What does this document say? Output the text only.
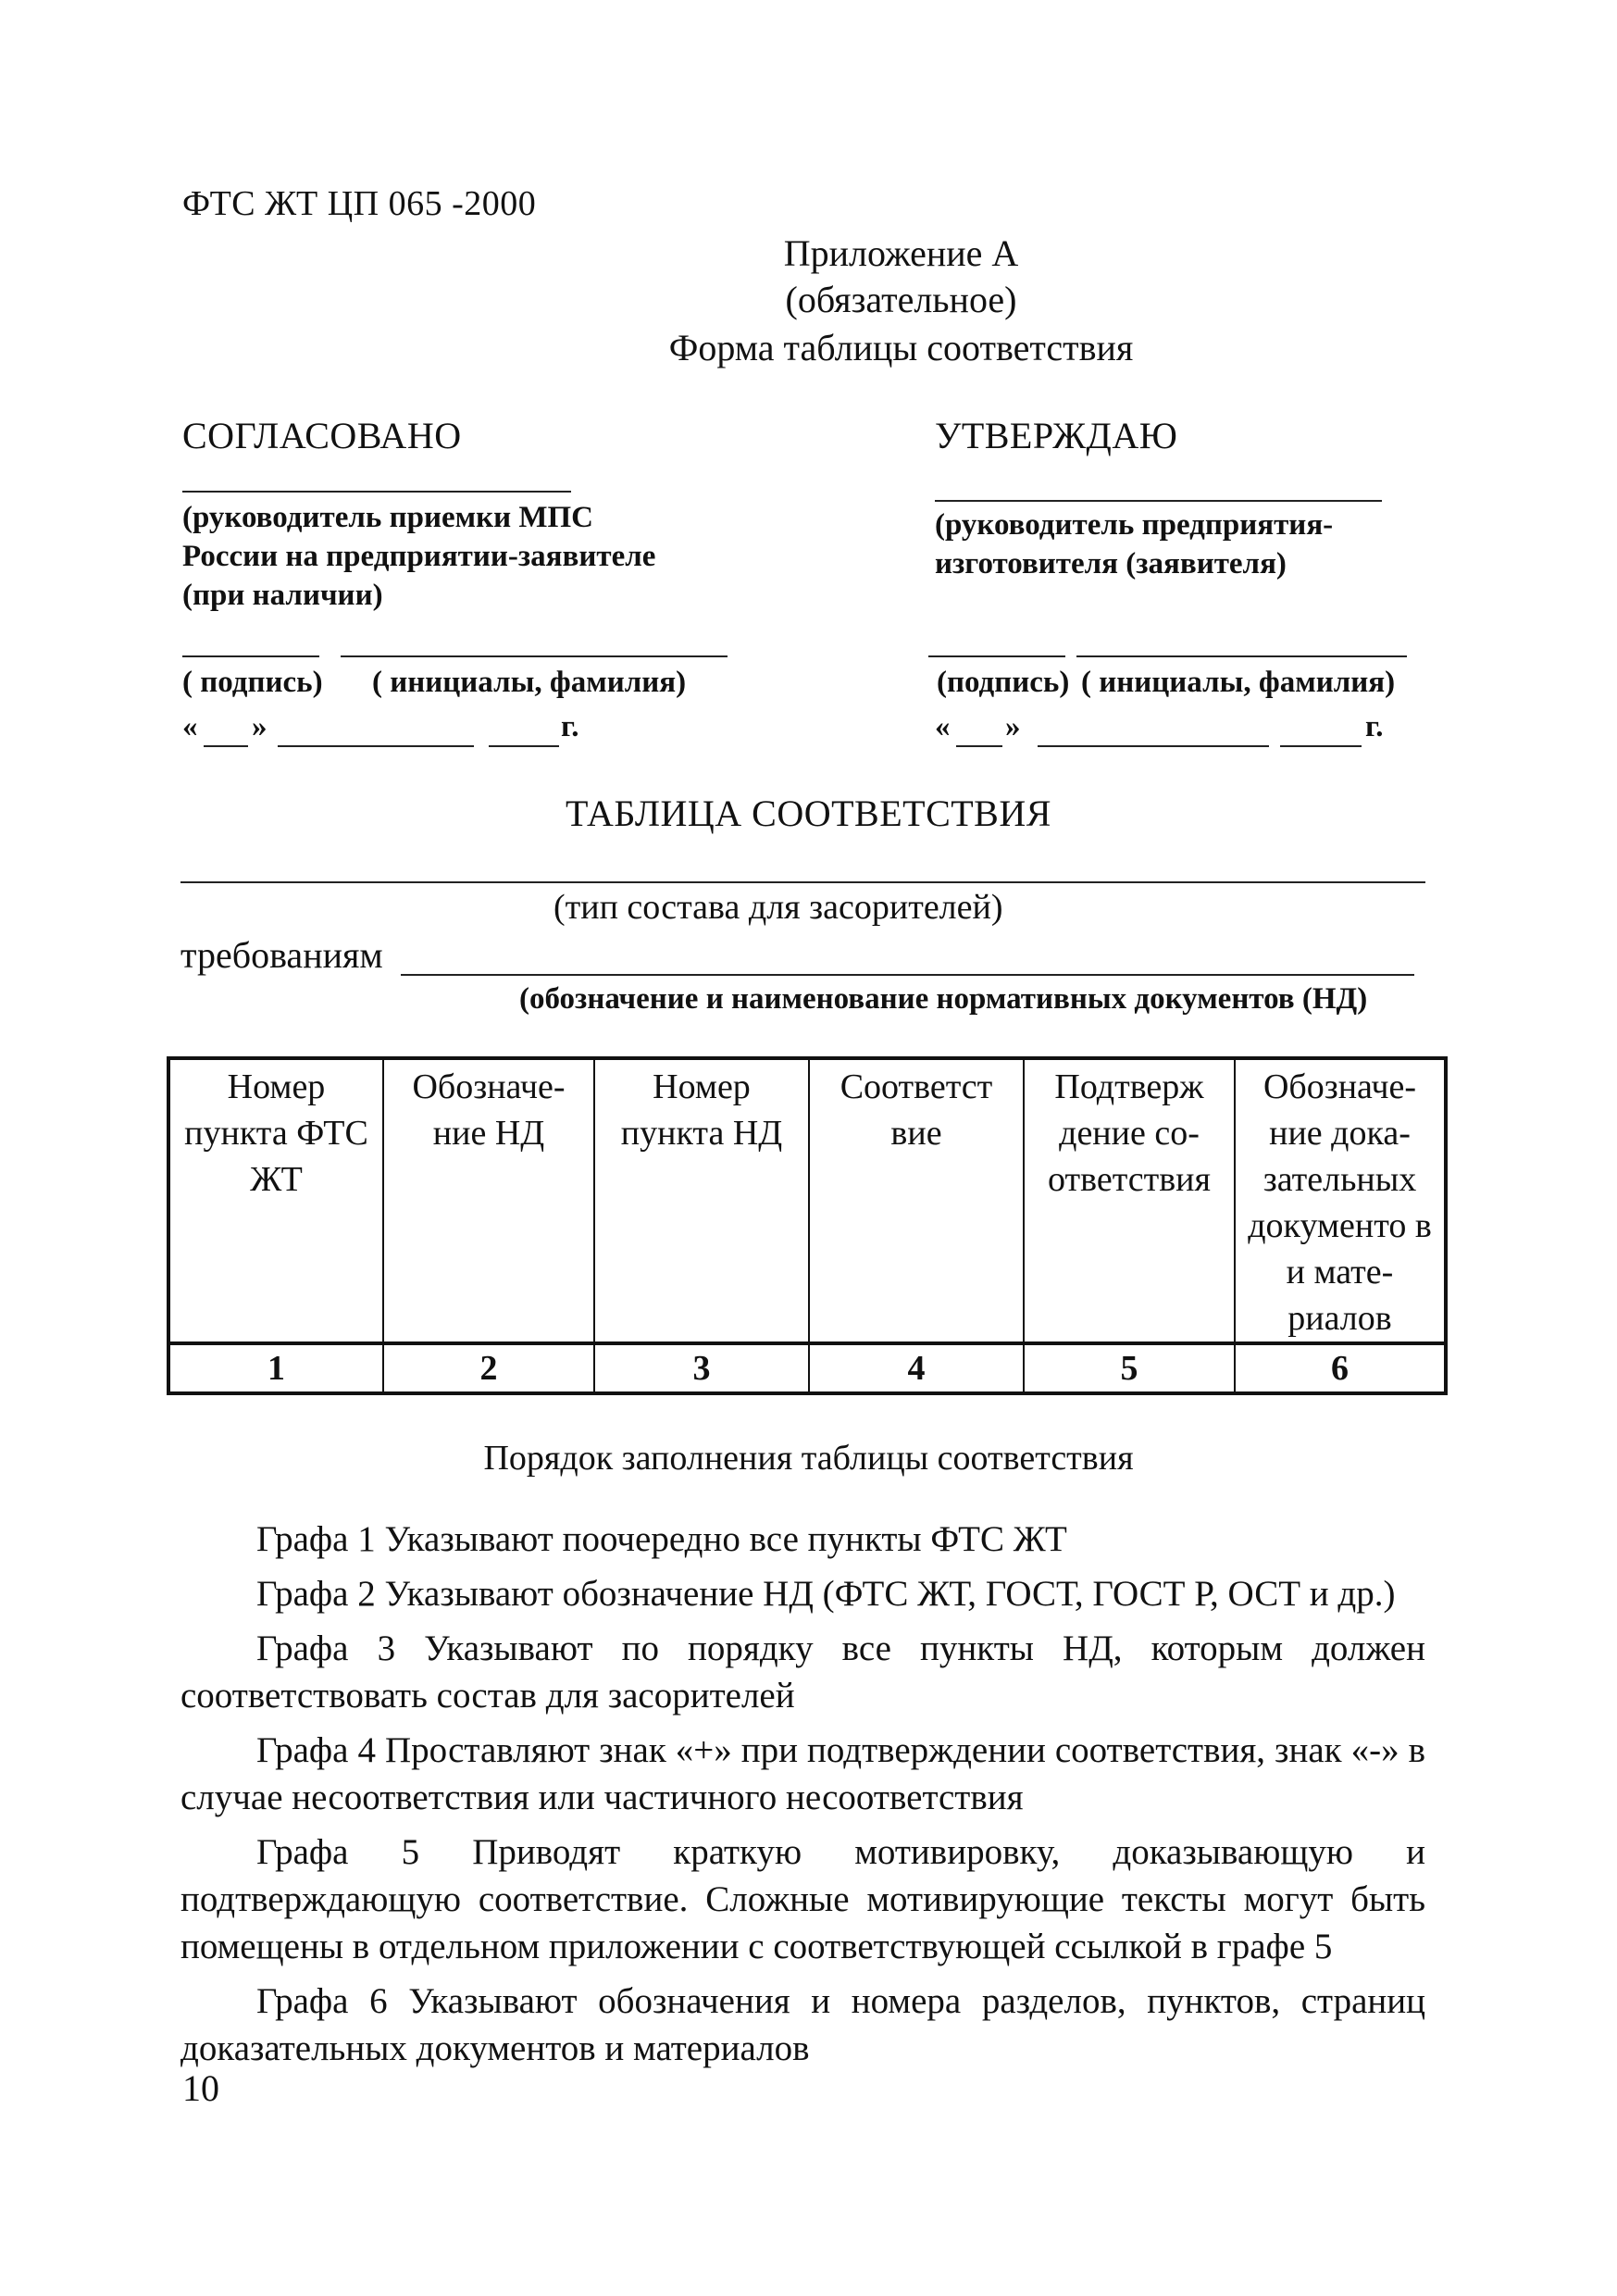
ФТС ЖТ ЦП 065 -2000
Приложение А
(обязательное)
Форма таблицы соответствия
СОГЛАСОВАНО
(руководитель приемки МПС
России на предприятии-заявителе
(при наличии)
( подпись) ( инициалы, фамилия)
« »	г.
УТВЕРЖДАЮ
(руководитель предприятия-
изготовителя (заявителя)
(подпись) ( инициалы, фамилия)
« »	г.
ТАБЛИЦА СООТВЕТСТВИЯ
(тип состава для засорителей)
требованиям
(обозначение и наименование нормативных документов (НД)
Номер пункта ФТС ЖТ	Обозначе-ние НД	Номер пункта НД	Соответст вие	Подтверж дение со-ответствия	Обозначе-ние дока-зательных документо в и мате-риалов
1	2	3	4	5	6
Порядок заполнения таблицы соответствия

Графа 1 Указывают поочередно все пункты ФТС ЖТ

Графа 2 Указывают обозначение НД (ФТС ЖТ, ГОСТ, ГОСТ Р, ОСТ и др.)

Графа 3 Указывают по порядку все пункты НД, которым должен соответствовать состав для засорителей

Графа 4 Проставляют знак «+» при подтверждении соответствия, знак «-» в случае несоответствия или частичного несоответствия

Графа 5 Приводят краткую мотивировку, доказывающую и подтверждающую соответствие. Сложные мотивирующие тексты могут быть помещены в отдельном приложении с соответствующей ссылкой в графе 5

Графа 6 Указывают обозначения и номера разделов, пунктов, страниц доказательных документов и материалов

10
